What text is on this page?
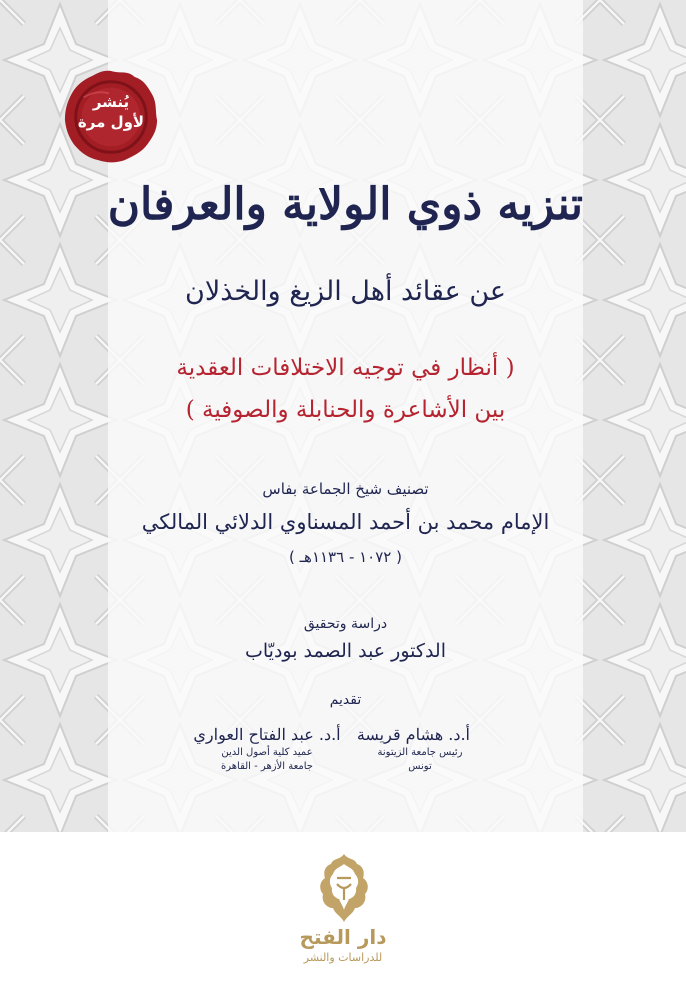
يُنشر
لأول مرة
تنزيه ذوي الولاية والعرفان
عن عقائد أهل الزيغ والخذلان
( أنظار في توجيه الاختلافات العقدية
بين الأشاعرة والحنابلة والصوفية )
تصنيف شيخ الجماعة بفاس
الإمام محمد بن أحمد المسناوي الدلائي المالكي
( ١٠٧٢ - ١١٣٦هـ )
دراسة وتحقيق
الدكتور عبد الصمد بوديّاب
تقديم
أ.د. هشام قريسة
رئيس جامعة الزيتونة
تونس
أ.د. عبد الفتاح العواري
عميد كلية أصول الدين
جامعة الأزهر - القاهرة
دار الفتح
للدراسات والنشر
